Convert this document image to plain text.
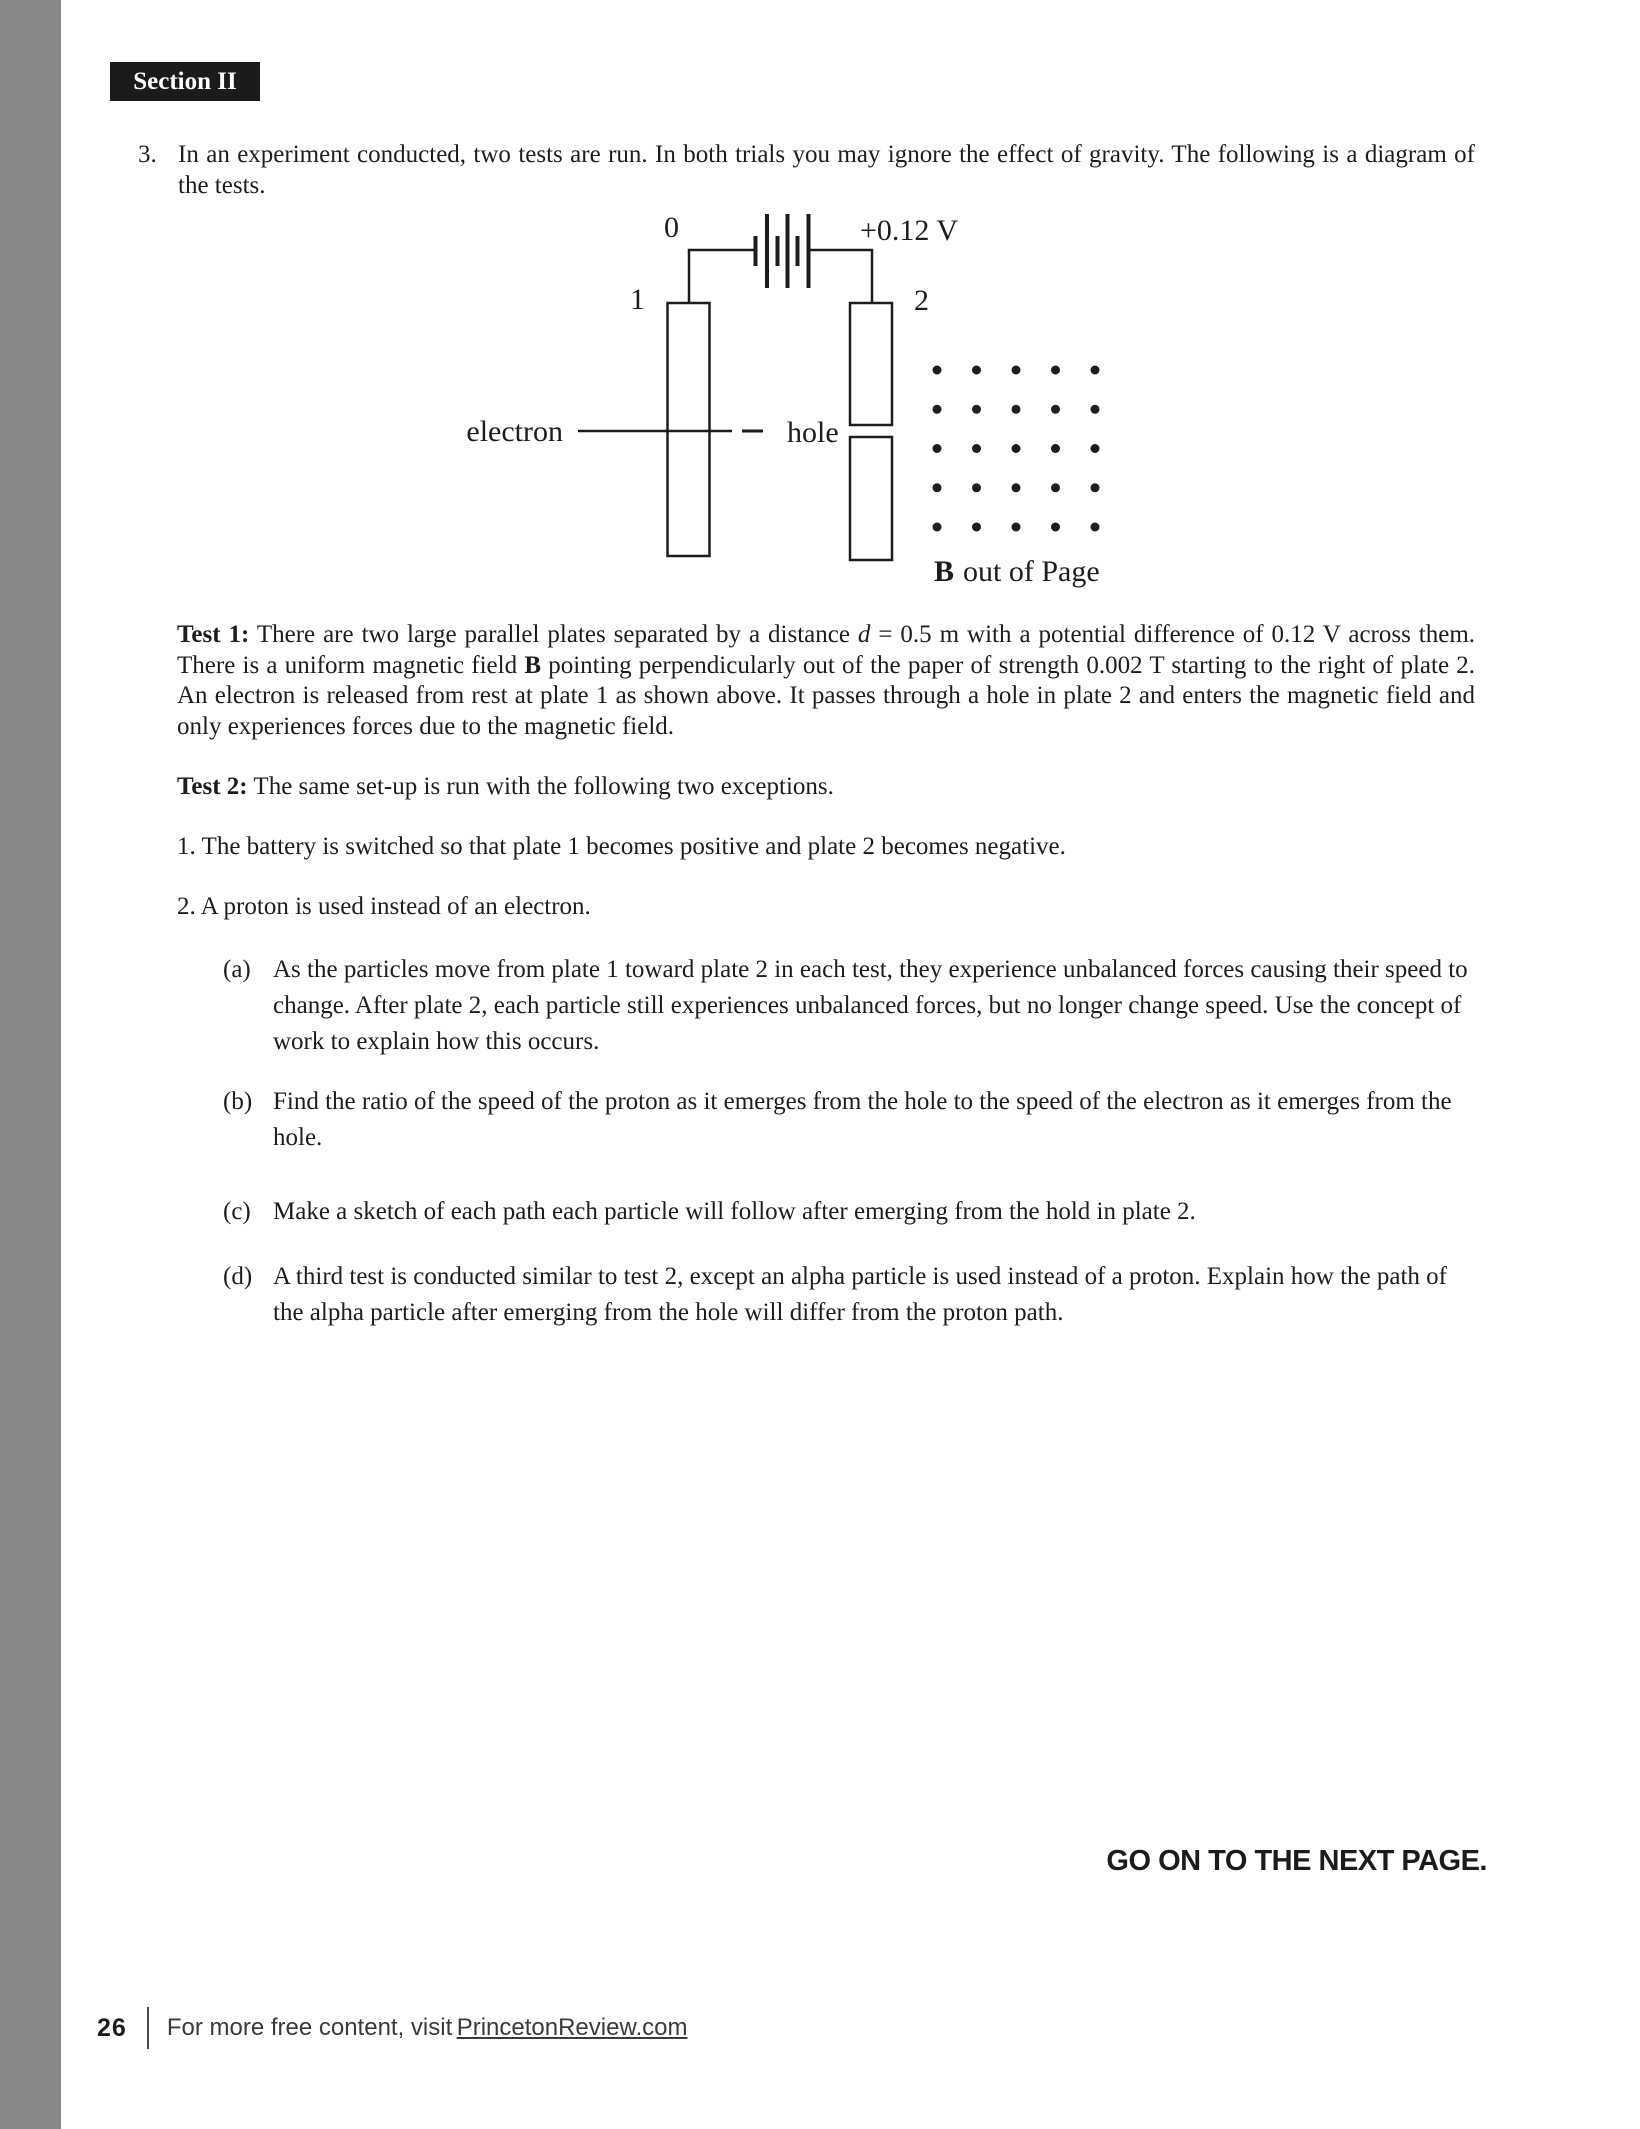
Section II
3. In an experiment conducted, two tests are run. In both trials you may ignore the effect of gravity. The following is a diagram of the tests.
0	+0.12 V
1	2
electron	hole
B out of Page
Test 1: There are two large parallel plates separated by a distance d = 0.5 m with a potential difference of 0.12 V across them. There is a uniform magnetic field B pointing perpendicularly out of the paper of strength 0.002 T starting to the right of plate 2. An electron is released from rest at plate 1 as shown above. It passes through a hole in plate 2 and enters the magnetic field and only experiences forces due to the magnetic field.
Test 2: The same set-up is run with the following two exceptions.
1. The battery is switched so that plate 1 becomes positive and plate 2 becomes negative.
2. A proton is used instead of an electron.
(a) As the particles move from plate 1 toward plate 2 in each test, they experience unbalanced forces causing their speed to change. After plate 2, each particle still experiences unbalanced forces, but no longer change speed. Use the concept of work to explain how this occurs.
(b) Find the ratio of the speed of the proton as it emerges from the hole to the speed of the electron as it emerges from the hole.
(c) Make a sketch of each path each particle will follow after emerging from the hold in plate 2.
(d) A third test is conducted similar to test 2, except an alpha particle is used instead of a proton. Explain how the path of the alpha particle after emerging from the hole will differ from the proton path.
GO ON TO THE NEXT PAGE.
26 For more free content, visit
PrincetonReview.com
